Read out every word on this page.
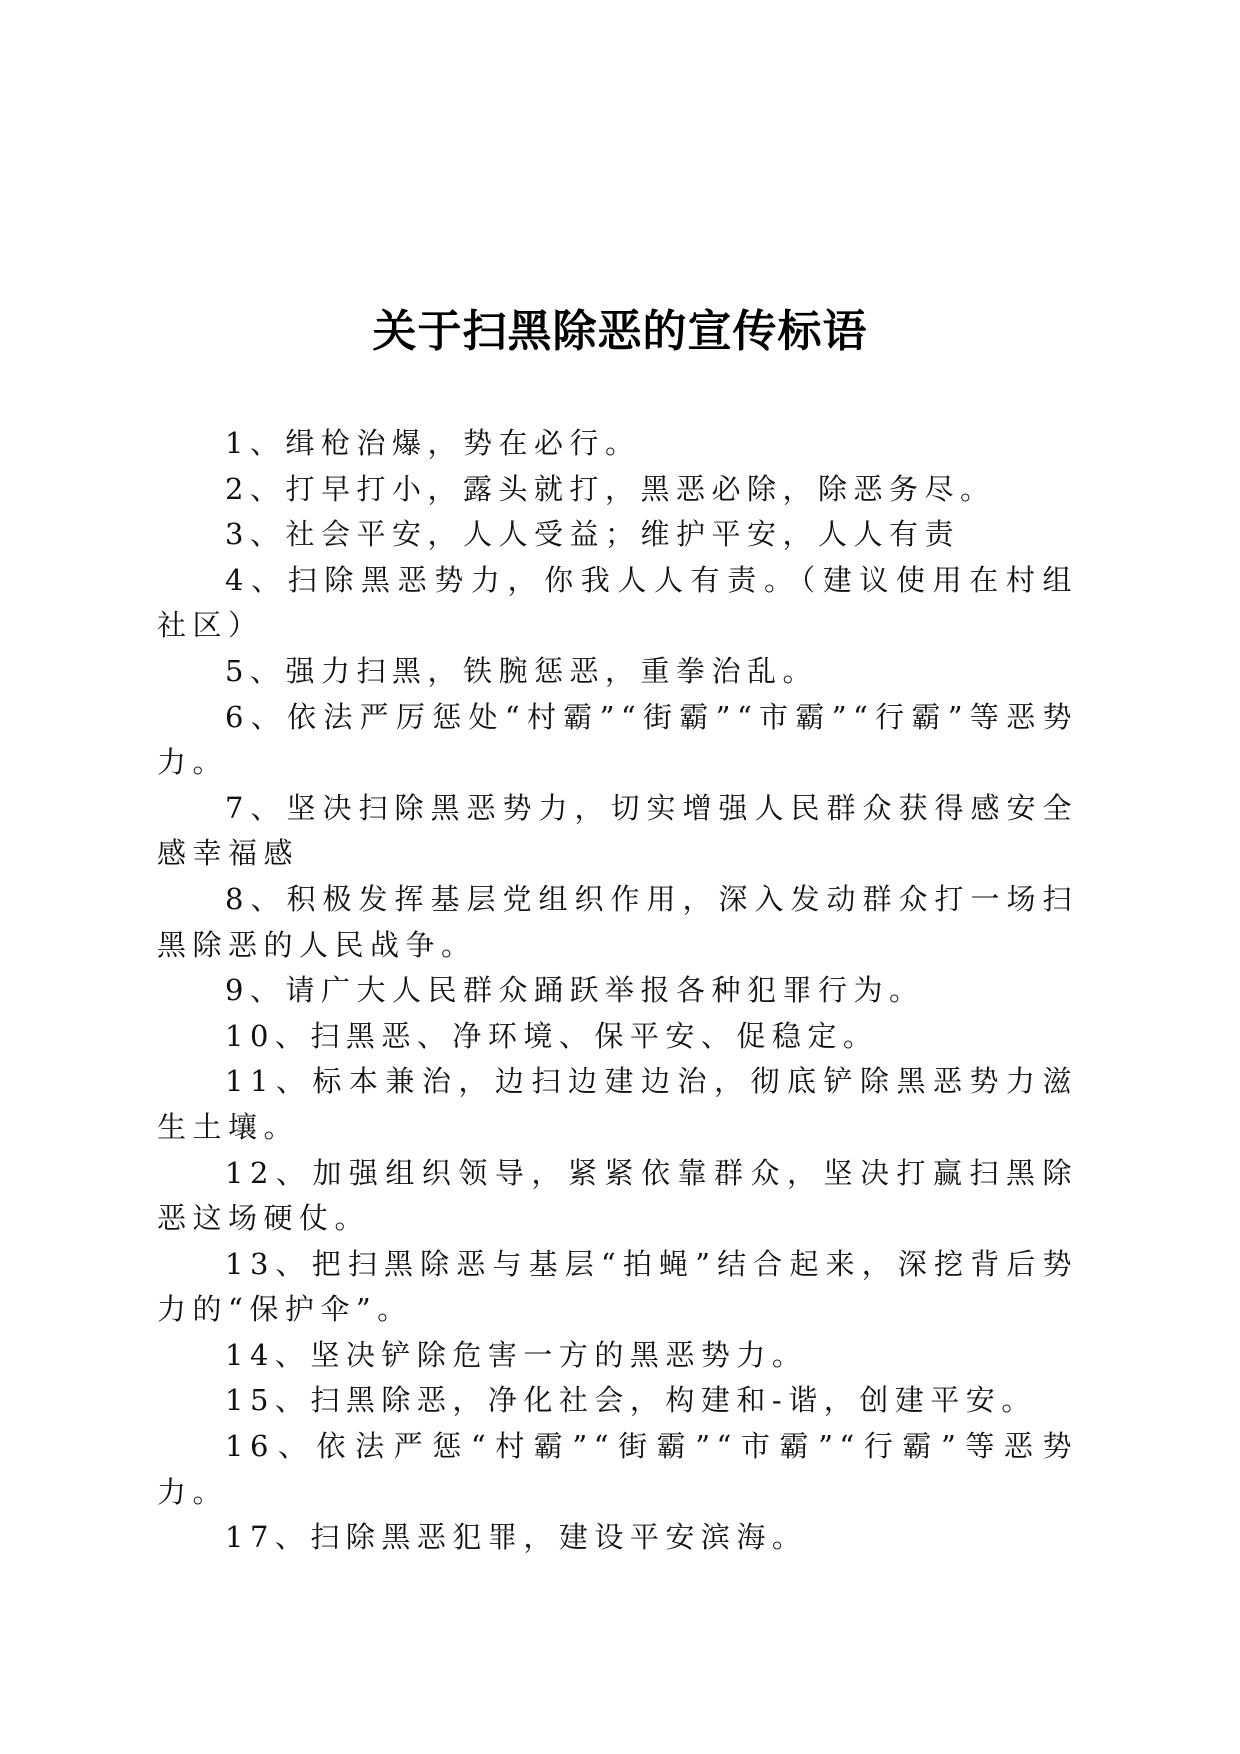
关于扫黑除恶的宣传标语

1、缉枪治爆，势在必行。

2、打早打小，露头就打，黑恶必除，除恶务尽。

3、社会平安，人人受益；维护平安，人人有责

4、扫除黑恶势力，你我人人有责。（建议使用在村组社区）

5、强力扫黑，铁腕惩恶，重拳治乱。

6、依法严厉惩处“村霸”“街霸”“市霸”“行霸”等恶势力。

7、坚决扫除黑恶势力，切实增强人民群众获得感安全感幸福感

8、积极发挥基层党组织作用，深入发动群众打一场扫黑除恶的人民战争。

9、请广大人民群众踊跃举报各种犯罪行为。

10、扫黑恶、净环境、保平安、促稳定。

11、标本兼治，边扫边建边治，彻底铲除黑恶势力滋生土壤。

12、加强组织领导，紧紧依靠群众，坚决打赢扫黑除恶这场硬仗。

13、把扫黑除恶与基层“拍蝇”结合起来，深挖背后势力的“保护伞”。

14、坚决铲除危害一方的黑恶势力。

15、扫黑除恶，净化社会，构建和-谐，创建平安。

16、依法严惩“村霸”“街霸”“市霸”“行霸”等恶势力。

17、扫除黑恶犯罪，建设平安滨海。
